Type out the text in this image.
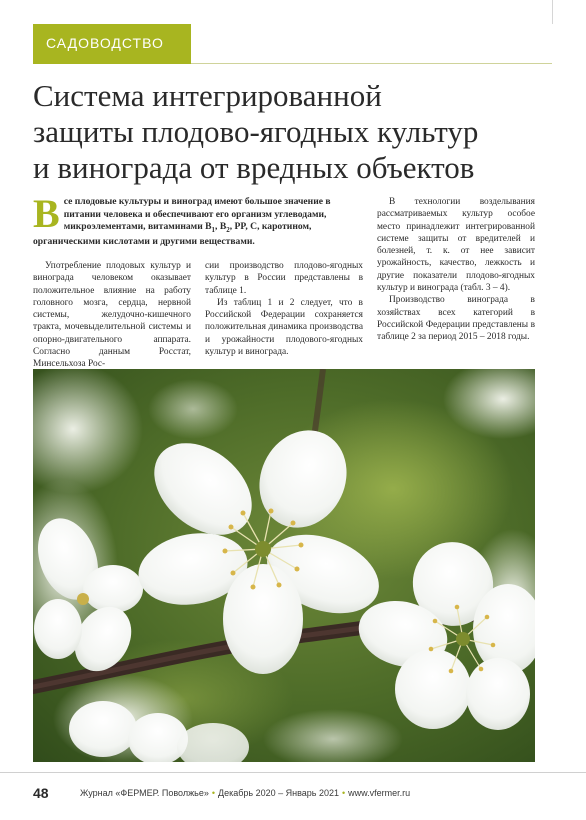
САДОВОДСТВО
Система интегрированной
защиты плодово-ягодных культур
и винограда от вредных объектов

Все плодовые культуры и виноград имеют большое значение в питании человека и обеспечивают его организм углеводами, микроэлементами, витаминами $B_1$, $B_2$, PP, C, каротином, органическими кислотами и другими веществами.

Употребление плодовых культур и винограда человеком оказывает положительное влияние на работу головного мозга, сердца, нервной системы, желудочно-кишечного тракта, мочевыделительной системы и опорно-двигательного аппарата. Согласно данным Росстат, Минсельхоза Рос-

сии производство плодово-ягодных культур в России представлены в таблице 1.

Из таблиц 1 и 2 следует, что в Российской Федерации сохраняется положительная динамика производства и урожайности плодового-ягодных культур и винограда.

В технологии возделывания рассматриваемых культур особое место принадлежит интегрированной системе защиты от вредителей и болезней, т. к. от нее зависит урожайность, качество, лежкость и другие показатели плодово-ягодных культур и винограда (табл. 3 – 4).

Производство винограда в хозяйствах всех категорий в Российской Федерации представлены в таблице 2 за период 2015 – 2018 годы.

48	Журнал «ФЕРМЕР. Поволжье» • Декабрь 2020 – Январь 2021 • www.vfermer.ru
